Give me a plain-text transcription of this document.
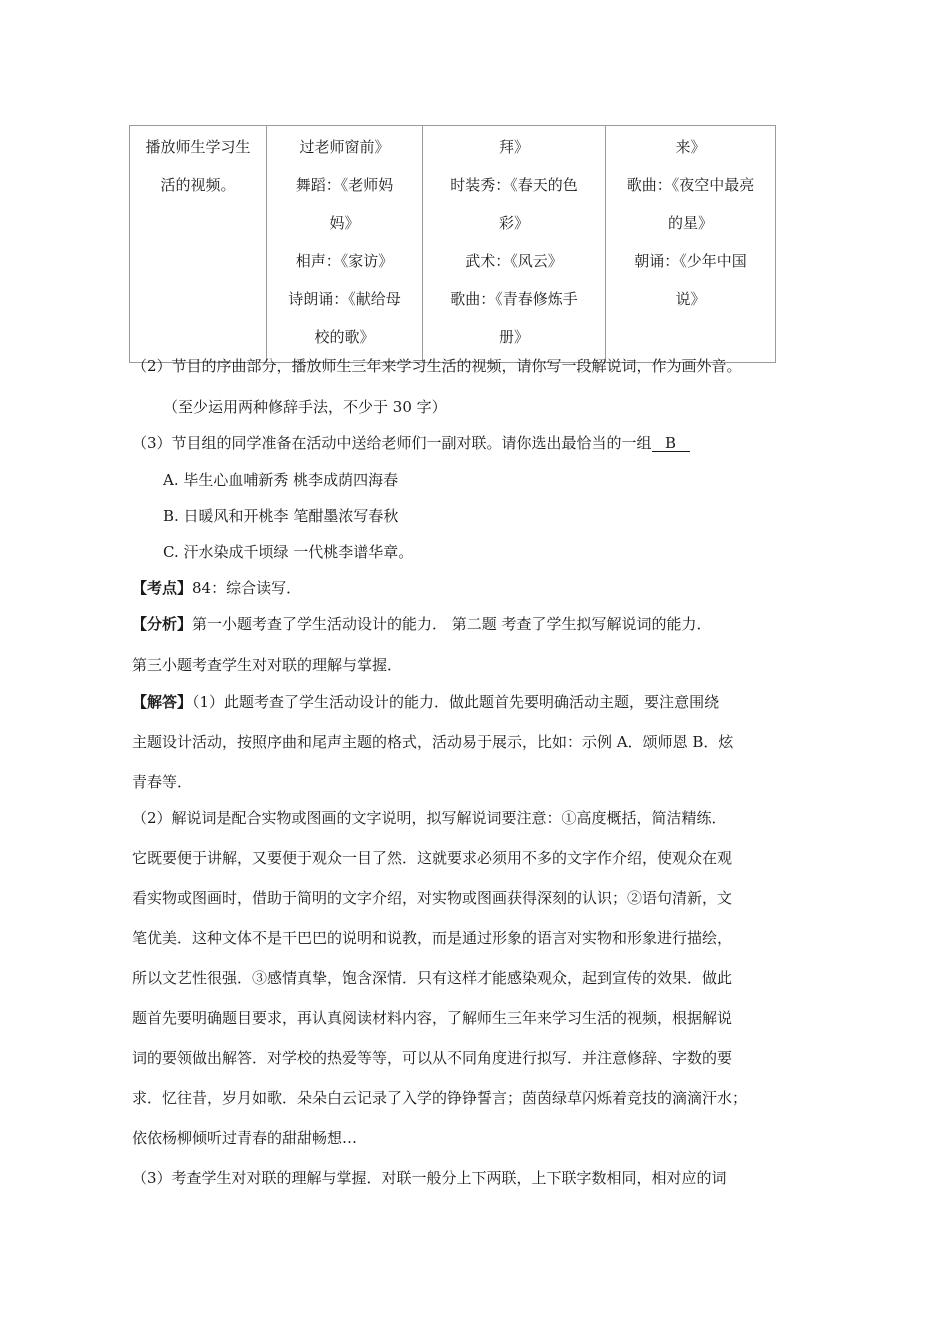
播放师生学习生
活的视频。

过老师窗前》
舞蹈：《老师妈
妈》
相声：《家访》
诗朗诵：《献给母
校的歌》

拜》
时装秀：《春天的色
彩》
武术：《风云》
歌曲：《青春修炼手
册》

来》
歌曲：《夜空中最亮
的星》
朝诵：《少年中国
说》
（2）节目的序曲部分，播放师生三年来学习生活的视频，请你写一段解说词，作为画外音。
（至少运用两种修辞手法，不少于 30 字）
（3）节目组的同学准备在活动中送给老师们一副对联。请你选出最恰当的一组 B
A. 毕生心血哺新秀 桃李成荫四海春
B. 日暖风和开桃李 笔酣墨浓写春秋
C. 汗水染成千顷绿 一代桃李谱华章。
【考点】84：综合读写．
【分析】第一小题考查了学生活动设计的能力． 第二题 考查了学生拟写解说词的能力．
第三小题考查学生对对联的理解与掌握．
【解答】（1）此题考查了学生活动设计的能力．做此题首先要明确活动主题，要注意围绕
主题设计活动，按照序曲和尾声主题的格式，活动易于展示，比如：示例 A．颂师恩 B．炫
青春等．
（2）解说词是配合实物或图画的文字说明，拟写解说词要注意：①高度概括，简洁精练．
它既要便于讲解，又要便于观众一目了然．这就要求必须用不多的文字作介绍，使观众在观
看实物或图画时，借助于简明的文字介绍，对实物或图画获得深刻的认识；②语句清新，文
笔优美．这种文体不是干巴巴的说明和说教，而是通过形象的语言对实物和形象进行描绘，
所以文艺性很强．③感情真挚，饱含深情．只有这样才能感染观众，起到宣传的效果．做此
题首先要明确题目要求，再认真阅读材料内容，了解师生三年来学习生活的视频，根据解说
词的要领做出解答．对学校的热爱等等，可以从不同角度进行拟写．并注意修辞、字数的要
求．忆往昔，岁月如歌．朵朵白云记录了入学的铮铮誓言；茵茵绿草闪烁着竞技的滴滴汗水；
依依杨柳倾听过青春的甜甜畅想…
（3）考查学生对对联的理解与掌握．对联一般分上下两联，上下联字数相同，相对应的词
